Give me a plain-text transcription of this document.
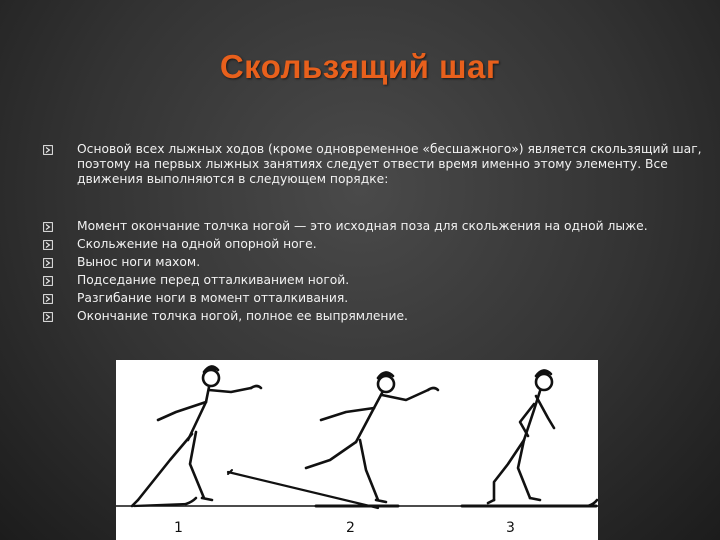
Скользящий шаг
Основой всех лыжных ходов (кроме одновременное «бесшажного») является скользящий шаг, поэтому на первых лыжных занятиях следует отвести время именно этому элементу. Все движения выполняются в следующем порядке:
Момент окончание толчка ногой — это исходная поза для скольжения на одной лыже.
Скольжение на одной опорной ноге.
Вынос ноги махом.
Подседание перед отталкиванием ногой.
Разгибание ноги в момент отталкивания.
Окончание толчка ногой, полное ее выпрямление.
1	2	3
